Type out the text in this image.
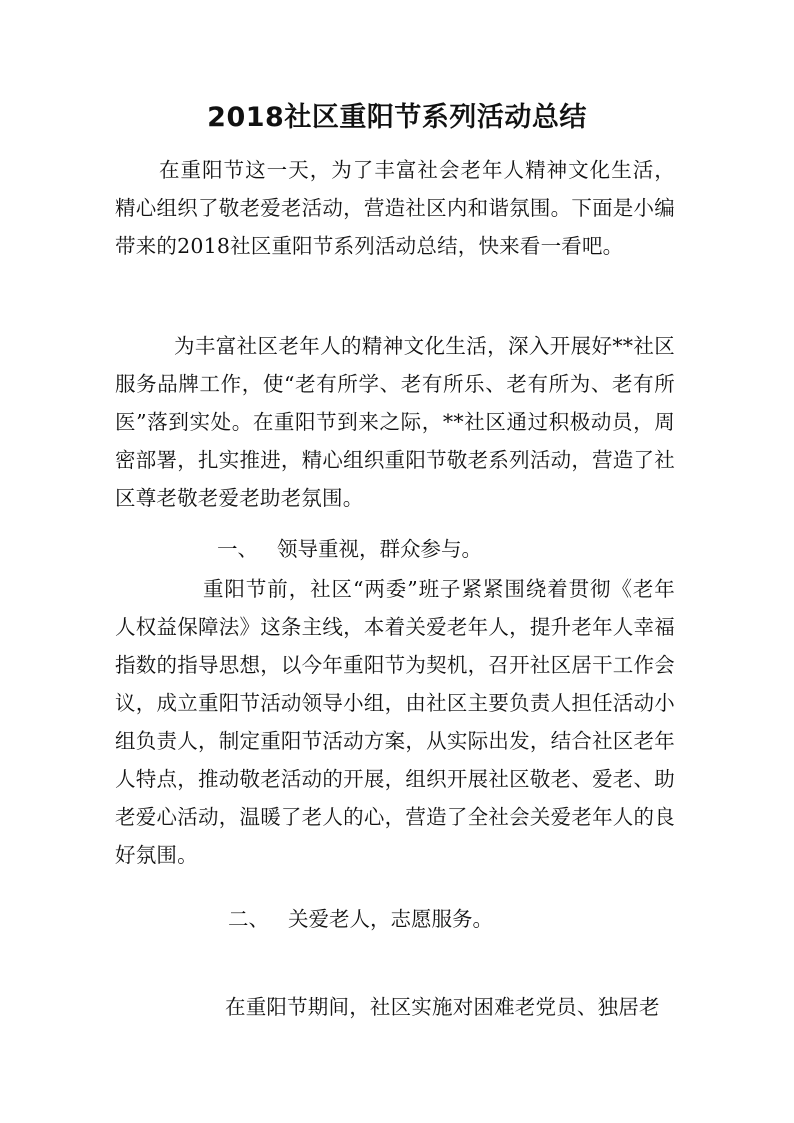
2018社区重阳节系列活动总结

在重阳节这一天，为了丰富社会老年人精神文化生活，精心组织了敬老爱老活动，营造社区内和谐氛围。下面是小编带来的2018社区重阳节系列活动总结，快来看一看吧。

为丰富社区老年人的精神文化生活，深入开展好**社区服务品牌工作，使“老有所学、老有所乐、老有所为、老有所医”落到实处。在重阳节到来之际，**社区通过积极动员，周密部署，扎实推进，精心组织重阳节敬老系列活动，营造了社区尊老敬老爱老助老氛围。

一、 领导重视，群众参与。

重阳节前，社区“两委”班子紧紧围绕着贯彻《老年人权益保障法》这条主线，本着关爱老年人，提升老年人幸福指数的指导思想，以今年重阳节为契机，召开社区居干工作会议，成立重阳节活动领导小组，由社区主要负责人担任活动小组负责人，制定重阳节活动方案，从实际出发，结合社区老年人特点，推动敬老活动的开展，组织开展社区敬老、爱老、助老爱心活动，温暖了老人的心，营造了全社会关爱老年人的良好氛围。

二、 关爱老人，志愿服务。

在重阳节期间，社区实施对困难老党员、独居老
